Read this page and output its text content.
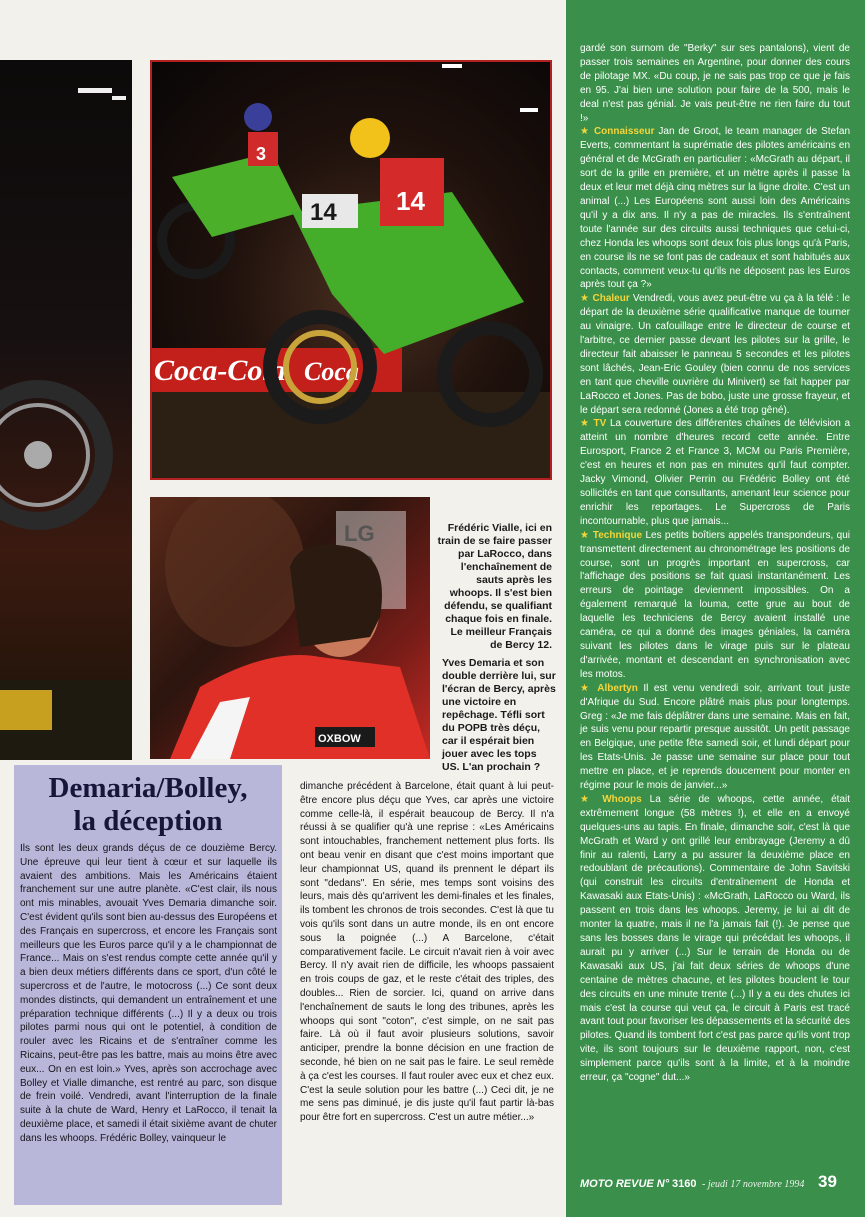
Coca-Cola Coca
3
14 14
LG
OXBOW
Frédéric Vialle, ici en train de se faire passer par LaRocco, dans l'enchaînement de sauts après les whoops. Il s'est bien défendu, se qualifiant chaque fois en finale. Le meilleur Français de Bercy 12.
Yves Demaria et son double derrière lui, sur l'écran de Bercy, après une victoire en repêchage. Téfli sort du POPB très déçu, car il espérait bien jouer avec les tops US. L'an prochain ?
Demaria/Bolley,
la déception
Ils sont les deux grands déçus de ce douzième Bercy. Une épreuve qui leur tient à cœur et sur laquelle ils avaient des ambitions. Mais les Américains étaient franchement sur une autre planète. «C'est clair, ils nous ont mis minables, avouait Yves Demaria dimanche soir. C'est évident qu'ils sont bien au-dessus des Européens et des Français en supercross, et encore les Français sont meilleurs que les Euros parce qu'il y a le championnat de France... Mais on s'est rendus compte cette année qu'il y a bien deux métiers différents dans ce sport, d'un côté le supercross et de l'autre, le motocross (...) Ce sont deux mondes distincts, qui demandent un entraînement et une préparation technique différents (...) Il y a deux ou trois pilotes parmi nous qui ont le potentiel, à condition de rouler avec les Ricains et de s'entraîner comme les Ricains, peut-être pas les battre, mais au moins être avec eux... On en est loin.» Yves, après son accrochage avec Bolley et Vialle dimanche, est rentré au parc, son disque de frein voilé. Vendredi, avant l'interruption de la finale suite à la chute de Ward, Henry et LaRocco, il tenait la deuxième place, et samedi il était sixième avant de chuter dans les whoops. Frédéric Bolley, vainqueur le
dimanche précédent à Barcelone, était quant à lui peut-être encore plus déçu que Yves, car après une victoire comme celle-là, il espérait beaucoup de Bercy. Il n'a réussi à se qualifier qu'à une reprise : «Les Américains sont intouchables, franchement nettement plus forts. Ils ont beau venir en disant que c'est moins important que leur championnat US, quand ils prennent le départ ils sont "dedans". En série, mes temps sont voisins des leurs, mais dès qu'arrivent les demi-finales et les finales, ils tombent les chronos de trois secondes. C'est là que tu vois qu'ils sont dans un autre monde, ils en ont encore sous la poignée (...) A Barcelone, c'était comparativement facile. Le circuit n'avait rien à voir avec Bercy. Il n'y avait rien de difficile, les whoops passaient en trois coups de gaz, et le reste c'était des triples, des doubles... Rien de sorcier. Ici, quand on arrive dans l'enchaînement de sauts le long des tribunes, après les whoops qui sont "coton", c'est simple, on ne sait pas faire. Là où il faut avoir plusieurs solutions, savoir anticiper, prendre la bonne décision en une fraction de seconde, hé bien on ne sait pas le faire. Le seul remède à ça c'est les courses. Il faut rouler avec eux et chez eux. C'est la seule solution pour les battre (...) Ceci dit, je ne me sens pas diminué, je dis juste qu'il faut partir là-bas pour être fort en supercross. C'est un autre métier...»

gardé son surnom de "Berky" sur ses pantalons), vient de passer trois semaines en Argentine, pour donner des cours de pilotage MX. «Du coup, je ne sais pas trop ce que je fais en 95. J'ai bien une solution pour faire de la 500, mais le deal n'est pas génial. Je vais peut-être ne rien faire du tout !»

★ Connaisseur Jan de Groot, le team manager de Stefan Everts, commentant la suprématie des pilotes américains en général et de McGrath en particulier : «McGrath au départ, il sort de la grille en première, et un mètre après il passe la deux et leur met déjà cinq mètres sur la ligne droite. C'est un animal (...) Les Européens sont aussi loin des Américains qu'il y a dix ans. Il n'y a pas de miracles. Ils s'entraînent toute l'année sur des circuits aussi techniques que celui-ci, chez Honda les whoops sont deux fois plus longs qu'à Paris, en course ils ne se font pas de cadeaux et sont habitués aux contacts, comment veux-tu qu'ils ne déposent pas les Euros après tout ça ?»

★ Chaleur Vendredi, vous avez peut-être vu ça à la télé : le départ de la deuxième série qualificative manque de tourner au vinaigre. Un cafouillage entre le directeur de course et l'arbitre, ce dernier passe devant les pilotes sur la grille, le directeur fait abaisser le panneau 5 secondes et les pilotes sont lâchés, Jean-Eric Gouley (bien connu de nos services en tant que cheville ouvrière du Minivert) se fait happer par LaRocco et Jones. Pas de bobo, juste une grosse frayeur, et le départ sera redonné (Jones a été trop gêné).

★ TV La couverture des différentes chaînes de télévision a atteint un nombre d'heures record cette année. Entre Eurosport, France 2 et France 3, MCM ou Paris Première, c'est en heures et non pas en minutes qu'il faut compter. Jacky Vimond, Olivier Perrin ou Frédéric Bolley ont été sollicités en tant que consultants, amenant leur science pour enrichir les reportages. Le Supercross de Paris incontournable, plus que jamais...

★ Technique Les petits boîtiers appelés transpondeurs, qui transmettent directement au chronométrage les positions de course, sont un progrès important en supercross, car l'affichage des positions se fait quasi instantanément. Les erreurs de pointage deviennent impossibles. On a également remarqué la louma, cette grue au bout de laquelle les techniciens de Bercy avaient installé une caméra, ce qui a donné des images géniales, la caméra suivant les pilotes dans le virage puis sur le plateau d'arrivée, montant et descendant en synchronisation avec les motos.

★ Albertyn Il est venu vendredi soir, arrivant tout juste d'Afrique du Sud. Encore plâtré mais plus pour longtemps. Greg : «Je me fais déplâtrer dans une semaine. Mais en fait, je suis venu pour repartir presque aussitôt. Un petit passage en Belgique, une petite fête samedi soir, et lundi départ pour les Etats-Unis. Je passe une semaine sur place pour tout mettre en place, et je reprends doucement pour monter en régime pour le mois de janvier...»

★ Whoops La série de whoops, cette année, était extrêmement longue (58 mètres !), et elle en a envoyé quelques-uns au tapis. En finale, dimanche soir, c'est là que McGrath et Ward y ont grillé leur embrayage (Jeremy a dû finir au ralenti, Larry a pu assurer la deuxième place en redoublant de précautions). Commentaire de John Savitski (qui construit les circuits d'entraînement de Honda et Kawasaki aux Etats-Unis) : «McGrath, LaRocco ou Ward, ils passent en trois dans les whoops. Jeremy, je lui ai dit de monter la quatre, mais il ne l'a jamais fait (!). Je pense que sans les bosses dans le virage qui précédait les whoops, il aurait pu y arriver (...) Sur le terrain de Honda ou de Kawasaki aux US, j'ai fait deux séries de whoops d'une centaine de mètres chacune, et les pilotes bouclent le tour des circuits en une minute trente (...) Il y a eu des chutes ici mais c'est la course qui veut ça, le circuit à Paris est tracé avant tout pour favoriser les dépassements et la sécurité des pilotes. Quand ils tombent fort c'est pas parce qu'ils vont trop vite, ils sont toujours sur le deuxième rapport, non, c'est simplement parce qu'ils sont à la limite, et à la moindre erreur, ça "cogne" dut...»

MOTO REVUE N° 3160 - jeudi 17 novembre 1994 39
